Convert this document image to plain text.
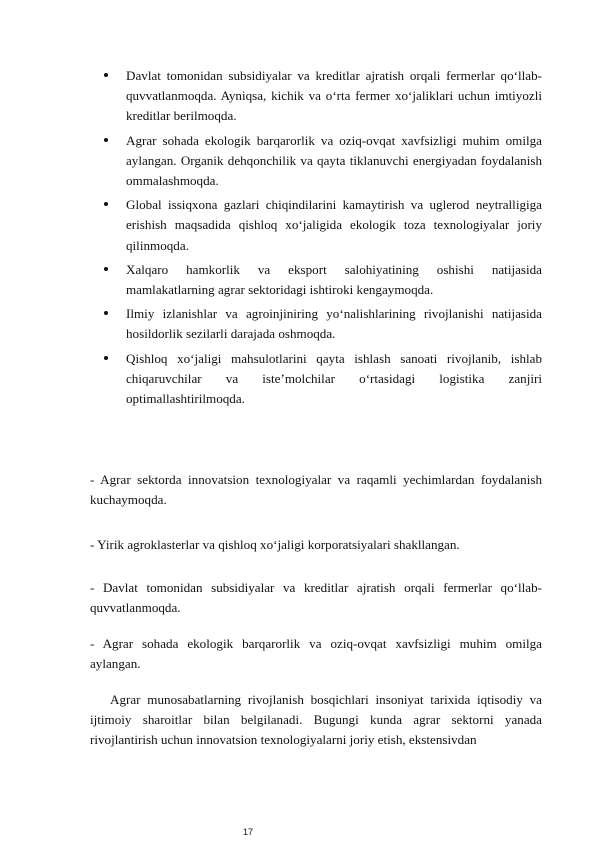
Davlat tomonidan subsidiyalar va kreditlar ajratish orqali fermerlar qo‘llab-quvvatlanmoqda. Ayniqsa, kichik va o‘rta fermer xo‘jaliklari uchun imtiyozli kreditlar berilmoqda.
Agrar sohada ekologik barqarorlik va oziq-ovqat xavfsizligi muhim omilga aylangan. Organik dehqonchilik va qayta tiklanuvchi energiyadan foydalanish ommalashmoqda.
Global issiqxona gazlari chiqindilarini kamaytirish va uglerod neytralligiga erishish maqsadida qishloq xo‘jaligida ekologik toza texnologiyalar joriy qilinmoqda.
Xalqaro hamkorlik va eksport salohiyatining oshishi natijasida mamlakatlarning agrar sektoridagi ishtiroki kengaymoqda.
Ilmiy izlanishlar va agroinjiniring yo‘nalishlarining rivojlanishi natijasida hosildorlik sezilarli darajada oshmoqda.
Qishloq xo‘jaligi mahsulotlarini qayta ishlash sanoati rivojlanib, ishlab chiqaruvchilar va iste’molchilar o‘rtasidagi logistika zanjiri optimallashtirilmoqda.

- Agrar sektorda innovatsion texnologiyalar va raqamli yechimlardan foydalanish kuchaymoqda.

- Yirik agroklasterlar va qishloq xo‘jaligi korporatsiyalari shakllangan.

- Davlat tomonidan subsidiyalar va kreditlar ajratish orqali fermerlar qo‘llab-quvvatlanmoqda.

- Agrar sohada ekologik barqarorlik va oziq-ovqat xavfsizligi muhim omilga aylangan.

Agrar munosabatlarning rivojlanish bosqichlari insoniyat tarixida iqtisodiy va ijtimoiy sharoitlar bilan belgilanadi. Bugungi kunda agrar sektorni yanada rivojlantirish uchun innovatsion texnologiyalarni joriy etish, ekstensivdan

17
